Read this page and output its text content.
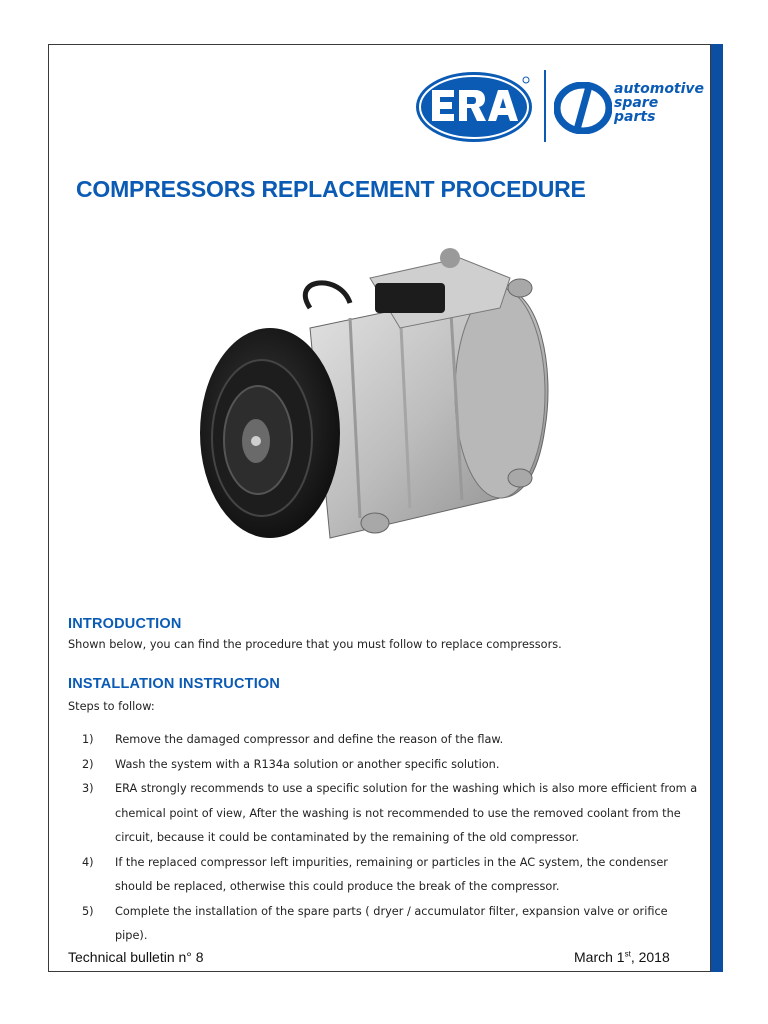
automotive
spare
parts
COMPRESSORS REPLACEMENT PROCEDURE
INTRODUCTION
Shown below, you can find the procedure that you must follow to replace compressors.
INSTALLATION INSTRUCTION
Steps to follow:
1) Remove the damaged compressor and define the reason of the flaw.
2) Wash the system with a R134a solution or another specific solution.
3) ERA strongly recommends to use a specific solution for the washing which is also more efficient from a chemical point of view, After the washing is not recommended to use the removed coolant from the circuit, because it could be contaminated by the remaining of the old compressor.
4) If the replaced compressor left impurities, remaining or particles in the AC system, the condenser should be replaced, otherwise this could produce the break of the compressor.
5) Complete the installation of the spare parts ( dryer / accumulator filter, expansion valve or orifice pipe).
Technical bulletin n° 8	March 1st, 2018
